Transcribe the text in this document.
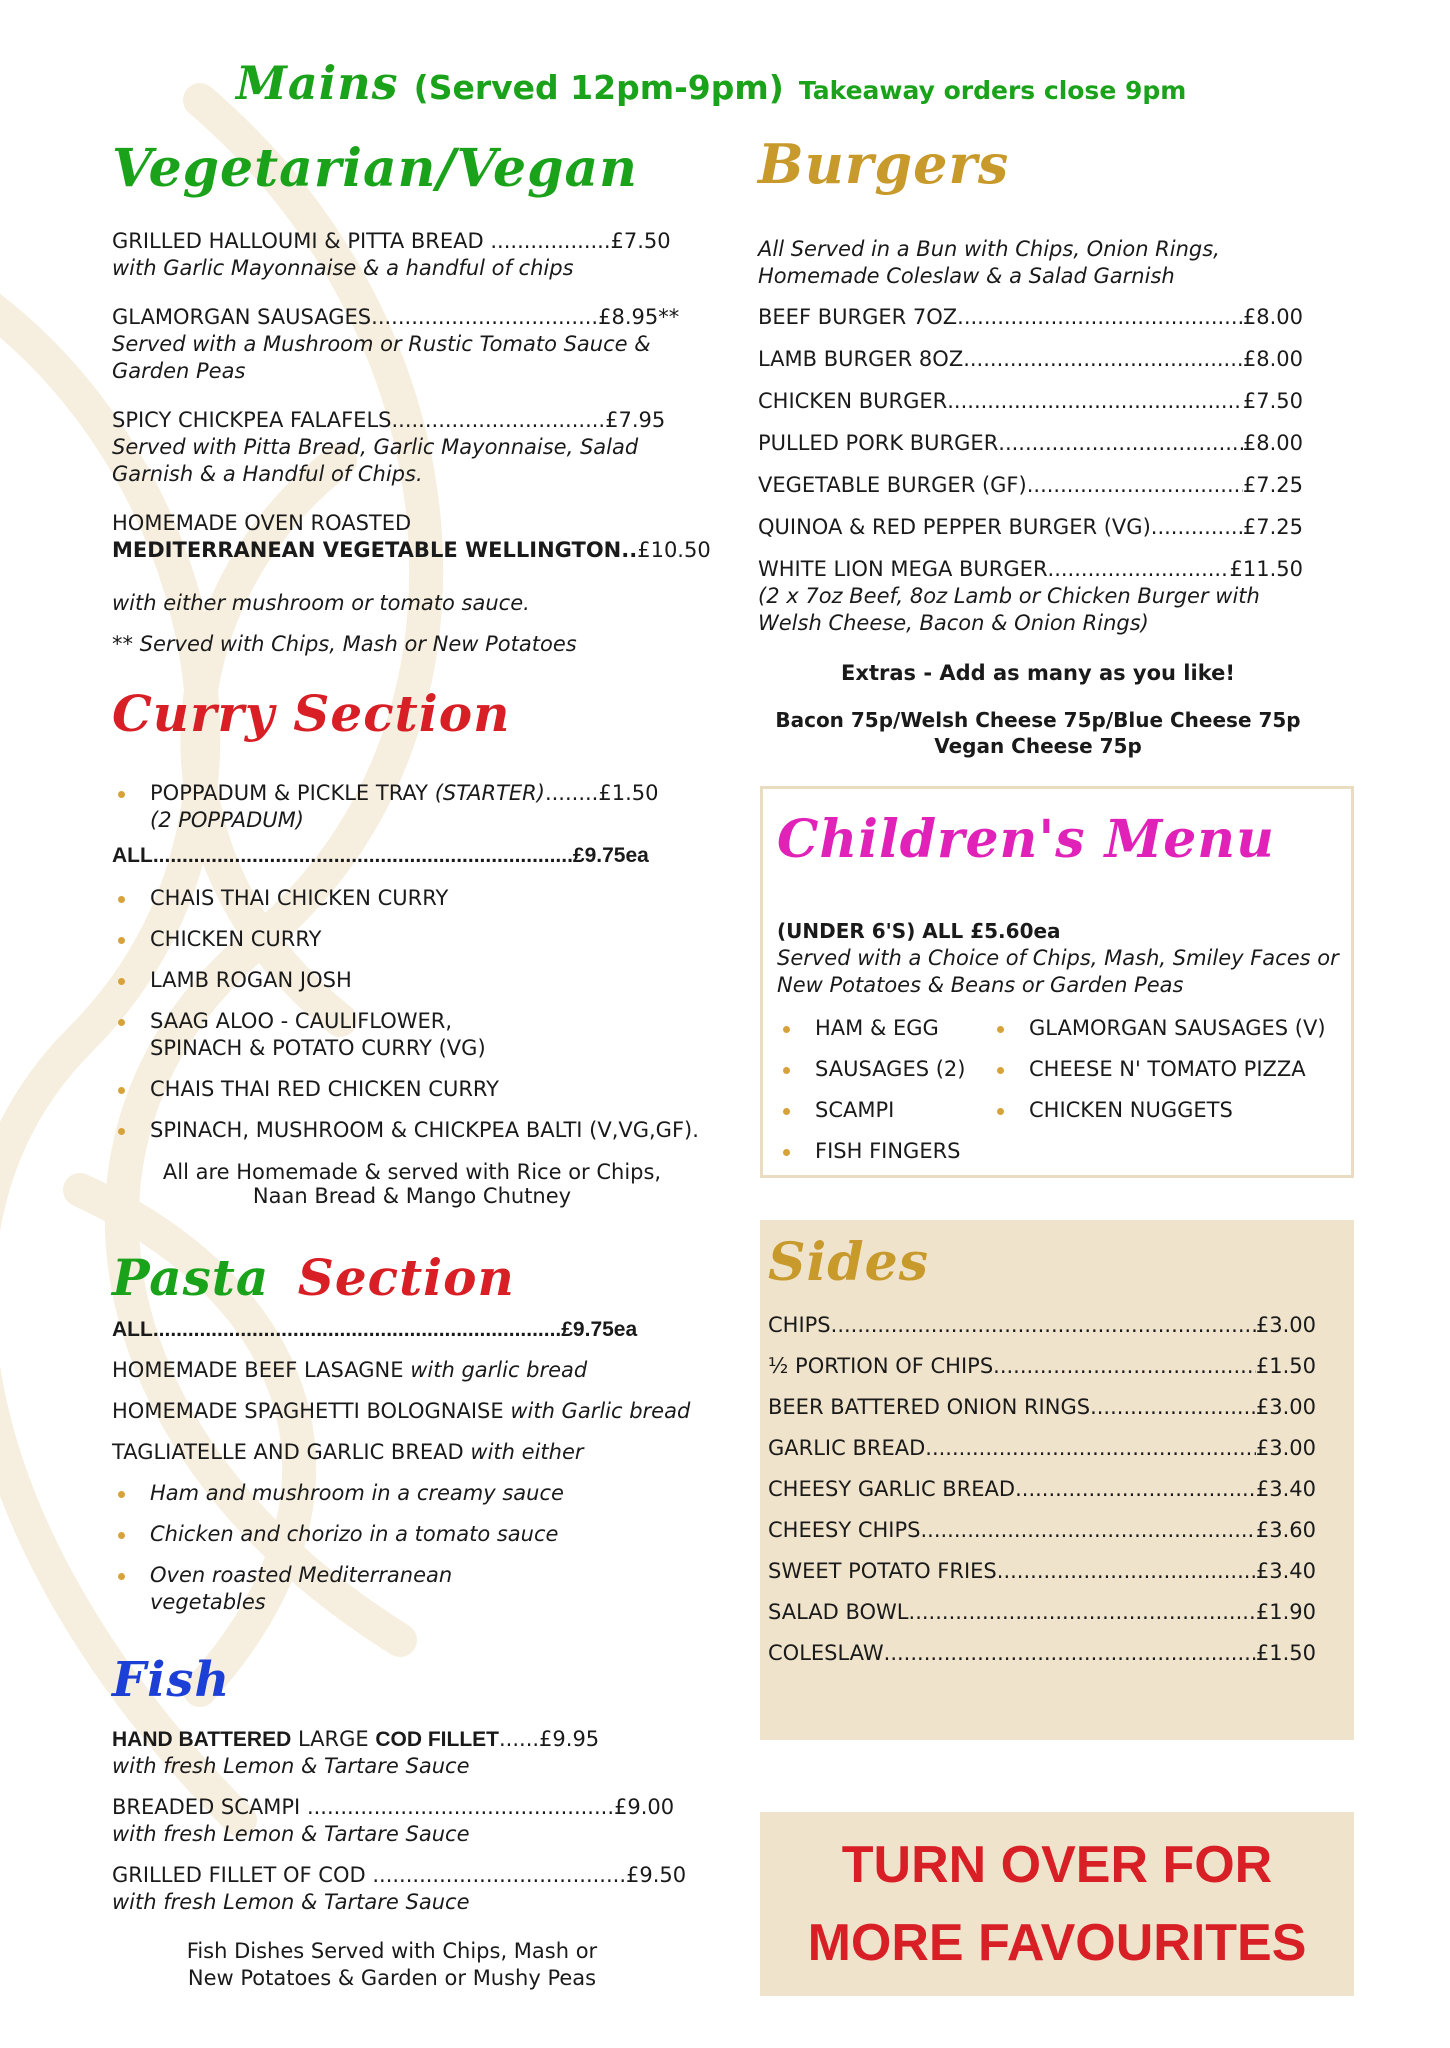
Mains (Served 12pm-9pm) Takeaway orders close 9pm
Vegetarian/Vegan
GRILLED HALLOUMI & PITTA BREAD ..................£7.50
with Garlic Mayonnaise & a handful of chips
GLAMORGAN SAUSAGES..................................£8.95**
Served with a Mushroom or Rustic Tomato Sauce & Garden Peas
SPICY CHICKPEA FALAFELS................................£7.95
Served with Pitta Bread, Garlic Mayonnaise, Salad Garnish & a Handful of Chips.
HOMEMADE OVEN ROASTED
MEDITERRANEAN VEGETABLE WELLINGTON..£10.50
with either mushroom or tomato sauce.
** Served with Chips, Mash or New Potatoes
Curry Section
POPPADUM & PICKLE TRAY (STARTER)........£1.50
(2 POPPADUM)
ALL........................................................................£9.75ea
CHAIS THAI CHICKEN CURRY
CHICKEN CURRY
LAMB ROGAN JOSH
SAAG ALOO - CAULIFLOWER,
SPINACH & POTATO CURRY (VG)
CHAIS THAI RED CHICKEN CURRY
SPINACH, MUSHROOM & CHICKPEA BALTI (V,VG,GF).
All are Homemade & served with Rice or Chips,
Naan Bread & Mango Chutney
Pasta Section
ALL......................................................................£9.75ea
HOMEMADE BEEF LASAGNE with garlic bread
HOMEMADE SPAGHETTI BOLOGNAISE with Garlic bread
TAGLIATELLE AND GARLIC BREAD with either
Ham and mushroom in a creamy sauce
Chicken and chorizo in a tomato sauce
Oven roasted Mediterranean
vegetables
Fish
HAND BATTERED LARGE COD FILLET......£9.95
with fresh Lemon & Tartare Sauce
BREADED SCAMPI ..............................................£9.00
with fresh Lemon & Tartare Sauce
GRILLED FILLET OF COD ......................................£9.50
with fresh Lemon & Tartare Sauce
Fish Dishes Served with Chips, Mash or
New Potatoes & Garden or Mushy Peas
Burgers
All Served in a Bun with Chips, Onion Rings,
Homemade Coleslaw & a Salad Garnish
BEEF BURGER 7OZ .....	£8.00
LAMB BURGER 8OZ .....	£8.00
CHICKEN BURGER .....	£7.50
PULLED PORK BURGER .....	£8.00
VEGETABLE BURGER (GF) .....	£7.25
QUINOA & RED PEPPER BURGER (VG) .....	£7.25
WHITE LION MEGA BURGER .....	£11.50
(2 x 7oz Beef, 8oz Lamb or Chicken Burger with
Welsh Cheese, Bacon & Onion Rings)
Extras - Add as many as you like!
Bacon 75p/Welsh Cheese 75p/Blue Cheese 75p
Vegan Cheese 75p
Children's Menu
(UNDER 6'S) ALL £5.60ea
Served with a Choice of Chips, Mash, Smiley Faces or
New Potatoes & Beans or Garden Peas
HAM & EGG
SAUSAGES (2)
SCAMPI
FISH FINGERS
GLAMORGAN SAUSAGES (V)
CHEESE N' TOMATO PIZZA
CHICKEN NUGGETS
Sides
CHIPS .....	£3.00
½ PORTION OF CHIPS .....	£1.50
BEER BATTERED ONION RINGS .....	£3.00
GARLIC BREAD .....	£3.00
CHEESY GARLIC BREAD .....	£3.40
CHEESY CHIPS .....	£3.60
SWEET POTATO FRIES .....	£3.40
SALAD BOWL .....	£1.90
COLESLAW .....	£1.50
TURN OVER FOR
MORE FAVOURITES
